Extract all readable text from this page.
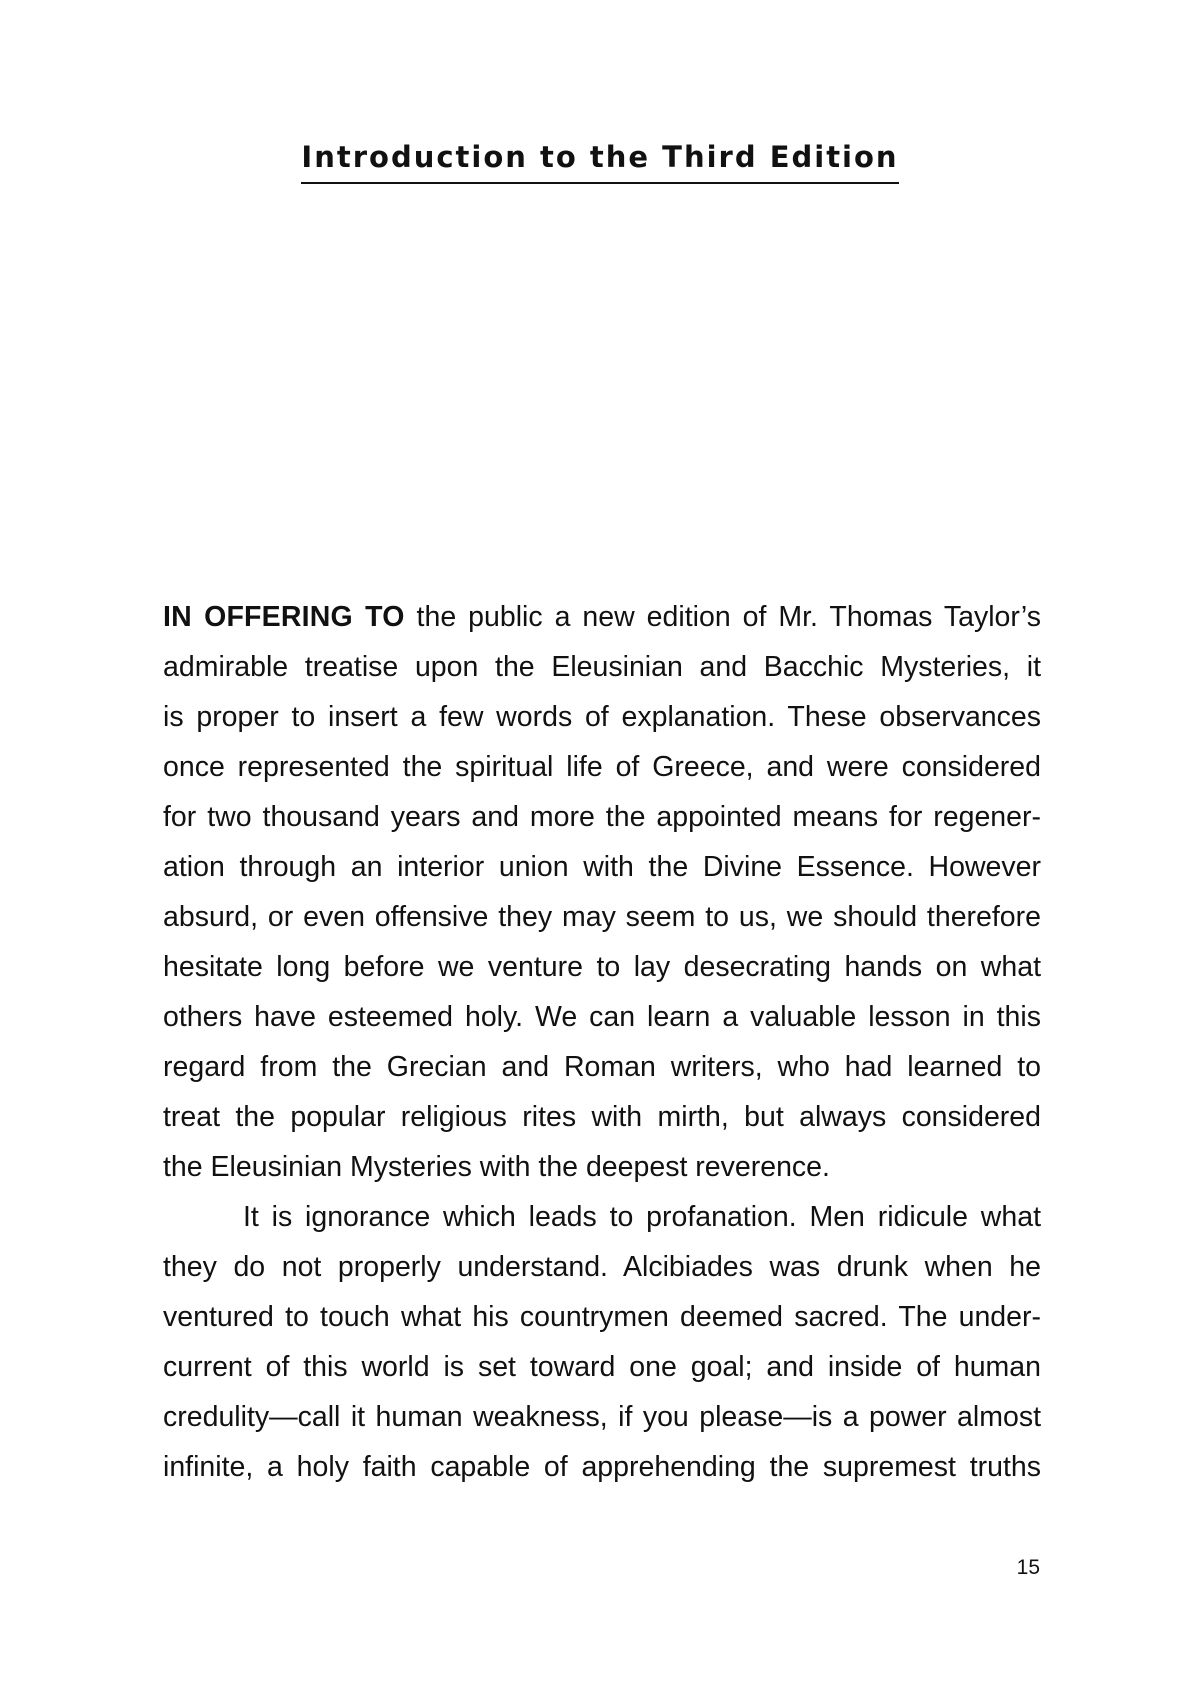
Introduction to the Third Edition

IN OFFERING TO the public a new edition of Mr. Thomas Taylor’s
admirable treatise upon the Eleusinian and Bacchic Mysteries, it
is proper to insert a few words of explanation. These observances
once represented the spiritual life of Greece, and were considered
for two thousand years and more the appointed means for regener-
ation through an interior union with the Divine Essence. However
absurd, or even offensive they may seem to us, we should therefore
hesitate long before we venture to lay desecrating hands on what
others have esteemed holy. We can learn a valuable lesson in this
regard from the Grecian and Roman writers, who had learned to
treat the popular religious rites with mirth, but always considered
the Eleusinian Mysteries with the deepest reverence.

It is ignorance which leads to profanation. Men ridicule what
they do not properly understand. Alcibiades was drunk when he
ventured to touch what his countrymen deemed sacred. The under-
current of this world is set toward one goal; and inside of human
credulity—call it human weakness, if you please—is a power almost
infinite, a holy faith capable of apprehending the supremest truths

15
